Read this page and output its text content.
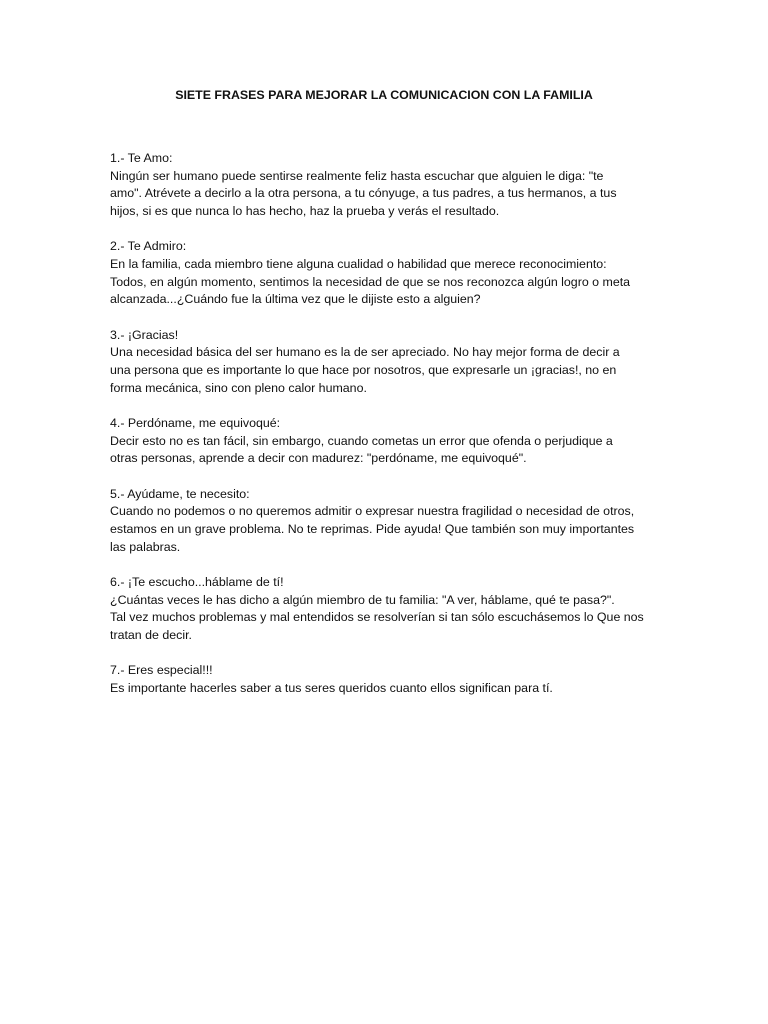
SIETE FRASES PARA MEJORAR LA COMUNICACION CON LA FAMILIA

1.- Te Amo:

Ningún ser humano puede sentirse realmente feliz hasta escuchar que alguien le diga: "te

amo". Atrévete a decirlo a la otra persona, a tu cónyuge, a tus padres, a tus hermanos, a tus

hijos, si es que nunca lo has hecho, haz la prueba y verás el resultado.

2.- Te Admiro:

En la familia, cada miembro tiene alguna cualidad o habilidad que merece reconocimiento:

Todos, en algún momento, sentimos la necesidad de que se nos reconozca algún logro o meta

alcanzada...¿Cuándo fue la última vez que le dijiste esto a alguien?

3.- ¡Gracias!

Una necesidad básica del ser humano es la de ser apreciado. No hay mejor forma de decir a

una persona que es importante lo que hace por nosotros, que expresarle un ¡gracias!, no en

forma mecánica, sino con pleno calor humano.

4.- Perdóname, me equivoqué:

Decir esto no es tan fácil, sin embargo, cuando cometas un error que ofenda o perjudique a

otras personas, aprende a decir con madurez: "perdóname, me equivoqué".

5.- Ayúdame, te necesito:

Cuando no podemos o no queremos admitir o expresar nuestra fragilidad o necesidad de otros,

estamos en un grave problema. No te reprimas. Pide ayuda! Que también son muy importantes

las palabras.

6.- ¡Te escucho...háblame de tí!

¿Cuántas veces le has dicho a algún miembro de tu familia: "A ver, háblame, qué te pasa?".

Tal vez muchos problemas y mal entendidos se resolverían si tan sólo escuchásemos lo Que nos

tratan de decir.

7.- Eres especial!!!

Es importante hacerles saber a tus seres queridos cuanto ellos significan para tí.
